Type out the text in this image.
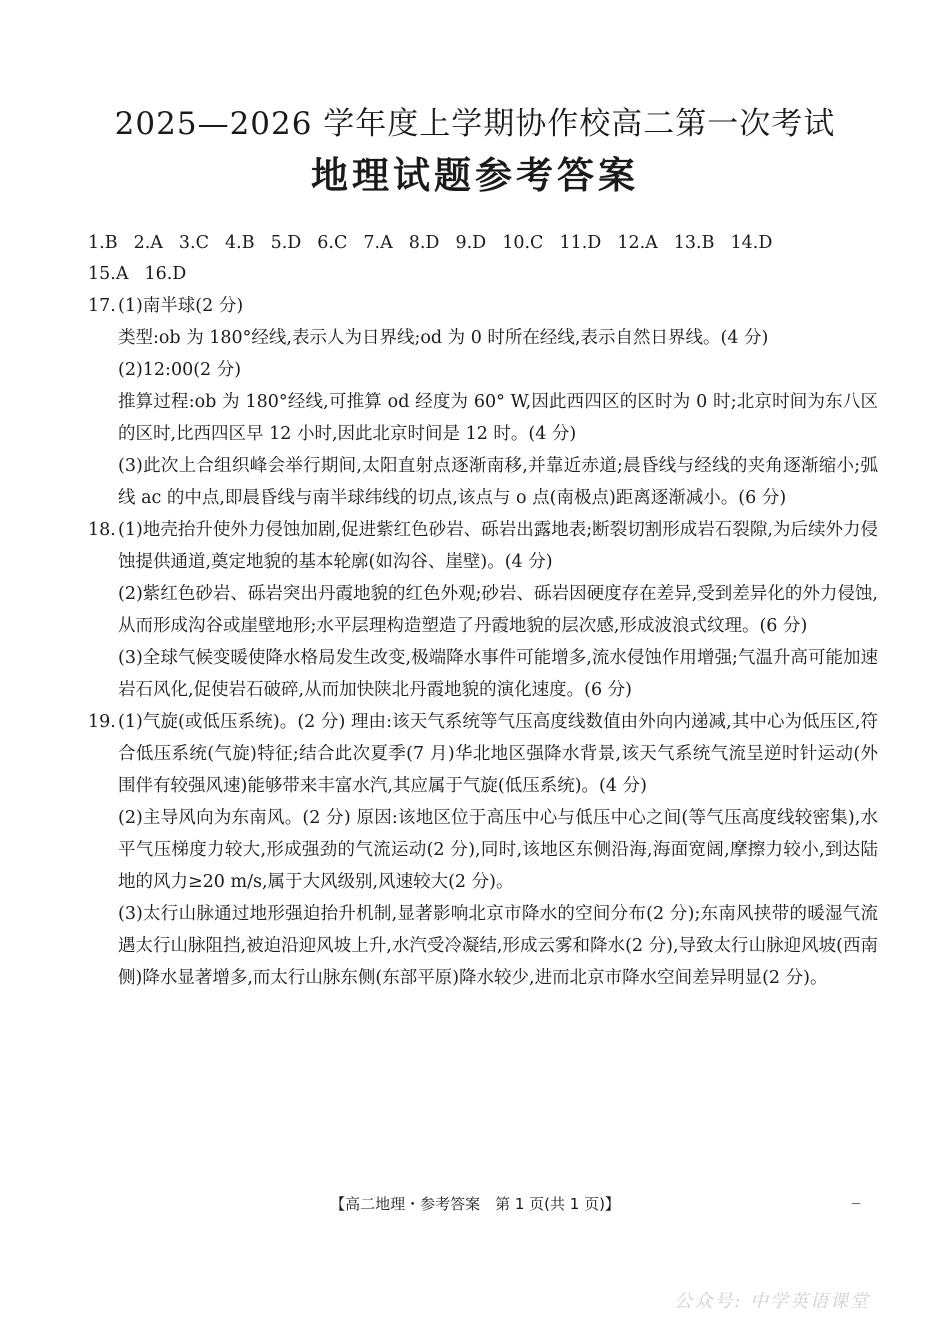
2025—2026 学年度上学期协作校高二第一次考试
地理试题参考答案
1.B 2.A 3.C 4.B 5.D 6.C 7.A 8.D 9.D 10.C 11.D 12.A 13.B 14.D
15.A 16.D
17. (1)南半球(2 分)

类型:ob 为 180°经线,表示人为日界线;od 为 0 时所在经线,表示自然日界线。(4 分)

(2)12:00(2 分)

推算过程:ob 为 180°经线,可推算 od 经度为 60° W,因此西四区的区时为 0 时;北京时间为东八区的区时,比西四区早 12 小时,因此北京时间是 12 时。(4 分)

(3)此次上合组织峰会举行期间,太阳直射点逐渐南移,并靠近赤道;晨昏线与经线的夹角逐渐缩小;弧线 ac 的中点,即晨昏线与南半球纬线的切点,该点与 o 点(南极点)距离逐渐减小。(6 分)

18. (1)地壳抬升使外力侵蚀加剧,促进紫红色砂岩、砾岩出露地表;断裂切割形成岩石裂隙,为后续外力侵蚀提供通道,奠定地貌的基本轮廓(如沟谷、崖壁)。(4 分)

(2)紫红色砂岩、砾岩突出丹霞地貌的红色外观;砂岩、砾岩因硬度存在差异,受到差异化的外力侵蚀,从而形成沟谷或崖壁地形;水平层理构造塑造了丹霞地貌的层次感,形成波浪式纹理。(6 分)

(3)全球气候变暖使降水格局发生改变,极端降水事件可能增多,流水侵蚀作用增强;气温升高可能加速岩石风化,促使岩石破碎,从而加快陕北丹霞地貌的演化速度。(6 分)

19. (1)气旋(或低压系统)。(2 分) 理由:该天气系统等气压高度线数值由外向内递减,其中心为低压区,符合低压系统(气旋)特征;结合此次夏季(7 月)华北地区强降水背景,该天气系统气流呈逆时针运动(外围伴有较强风速)能够带来丰富水汽,其应属于气旋(低压系统)。(4 分)

(2)主导风向为东南风。(2 分) 原因:该地区位于高压中心与低压中心之间(等气压高度线较密集),水平气压梯度力较大,形成强劲的气流运动(2 分),同时,该地区东侧沿海,海面宽阔,摩擦力较小,到达陆地的风力≥20 m/s,属于大风级别,风速较大(2 分)。

(3)太行山脉通过地形强迫抬升机制,显著影响北京市降水的空间分布(2 分);东南风挟带的暖湿气流遇太行山脉阻挡,被迫沿迎风坡上升,水汽受冷凝结,形成云雾和降水(2 分),导致太行山脉迎风坡(西南侧)降水显著增多,而太行山脉东侧(东部平原)降水较少,进而北京市降水空间差异明显(2 分)。

【高二地理・参考答案　第 1 页(共 1 页)】
公众号: 中学英语课堂
